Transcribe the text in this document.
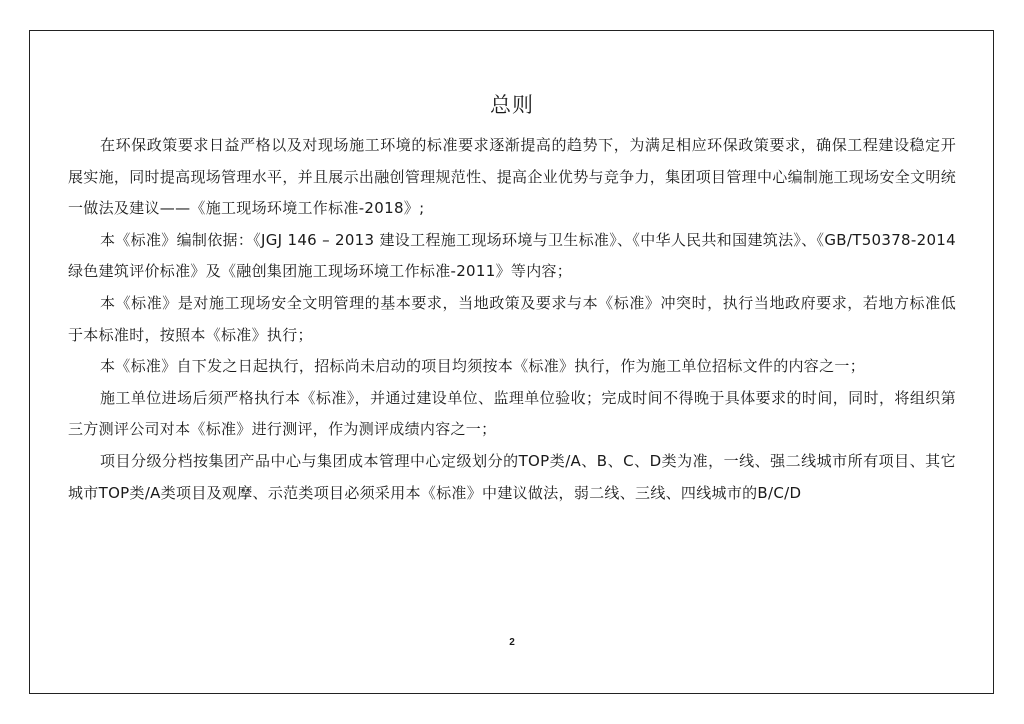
总则

在环保政策要求日益严格以及对现场施工环境的标准要求逐渐提高的趋势下，为满足相应环保政策要求，确保工程建设稳定开展实施，同时提高现场管理水平，并且展示出融创管理规范性、提高企业优势与竞争力，集团项目管理中心编制施工现场安全文明统一做法及建议——《施工现场环境工作标准-2018》;

本《标准》编制依据：《JGJ 146 – 2013 建设工程施工现场环境与卫生标准》、《中华人民共和国建筑法》、《GB/T50378-2014 绿色建筑评价标准》及《融创集团施工现场环境工作标准-2011》等内容；

本《标准》是对施工现场安全文明管理的基本要求，当地政策及要求与本《标准》冲突时，执行当地政府要求，若地方标准低于本标准时，按照本《标准》执行；

本《标准》自下发之日起执行，招标尚未启动的项目均须按本《标准》执行，作为施工单位招标文件的内容之一；

施工单位进场后须严格执行本《标准》，并通过建设单位、监理单位验收；完成时间不得晚于具体要求的时间，同时，将组织第三方测评公司对本《标准》进行测评，作为测评成绩内容之一；

项目分级分档按集团产品中心与集团成本管理中心定级划分的TOP类/A、B、C、D类为准，一线、强二线城市所有项目、其它城市TOP类/A类项目及观摩、示范类项目必须采用本《标准》中建议做法，弱二线、三线、四线城市的B/C/D

2
